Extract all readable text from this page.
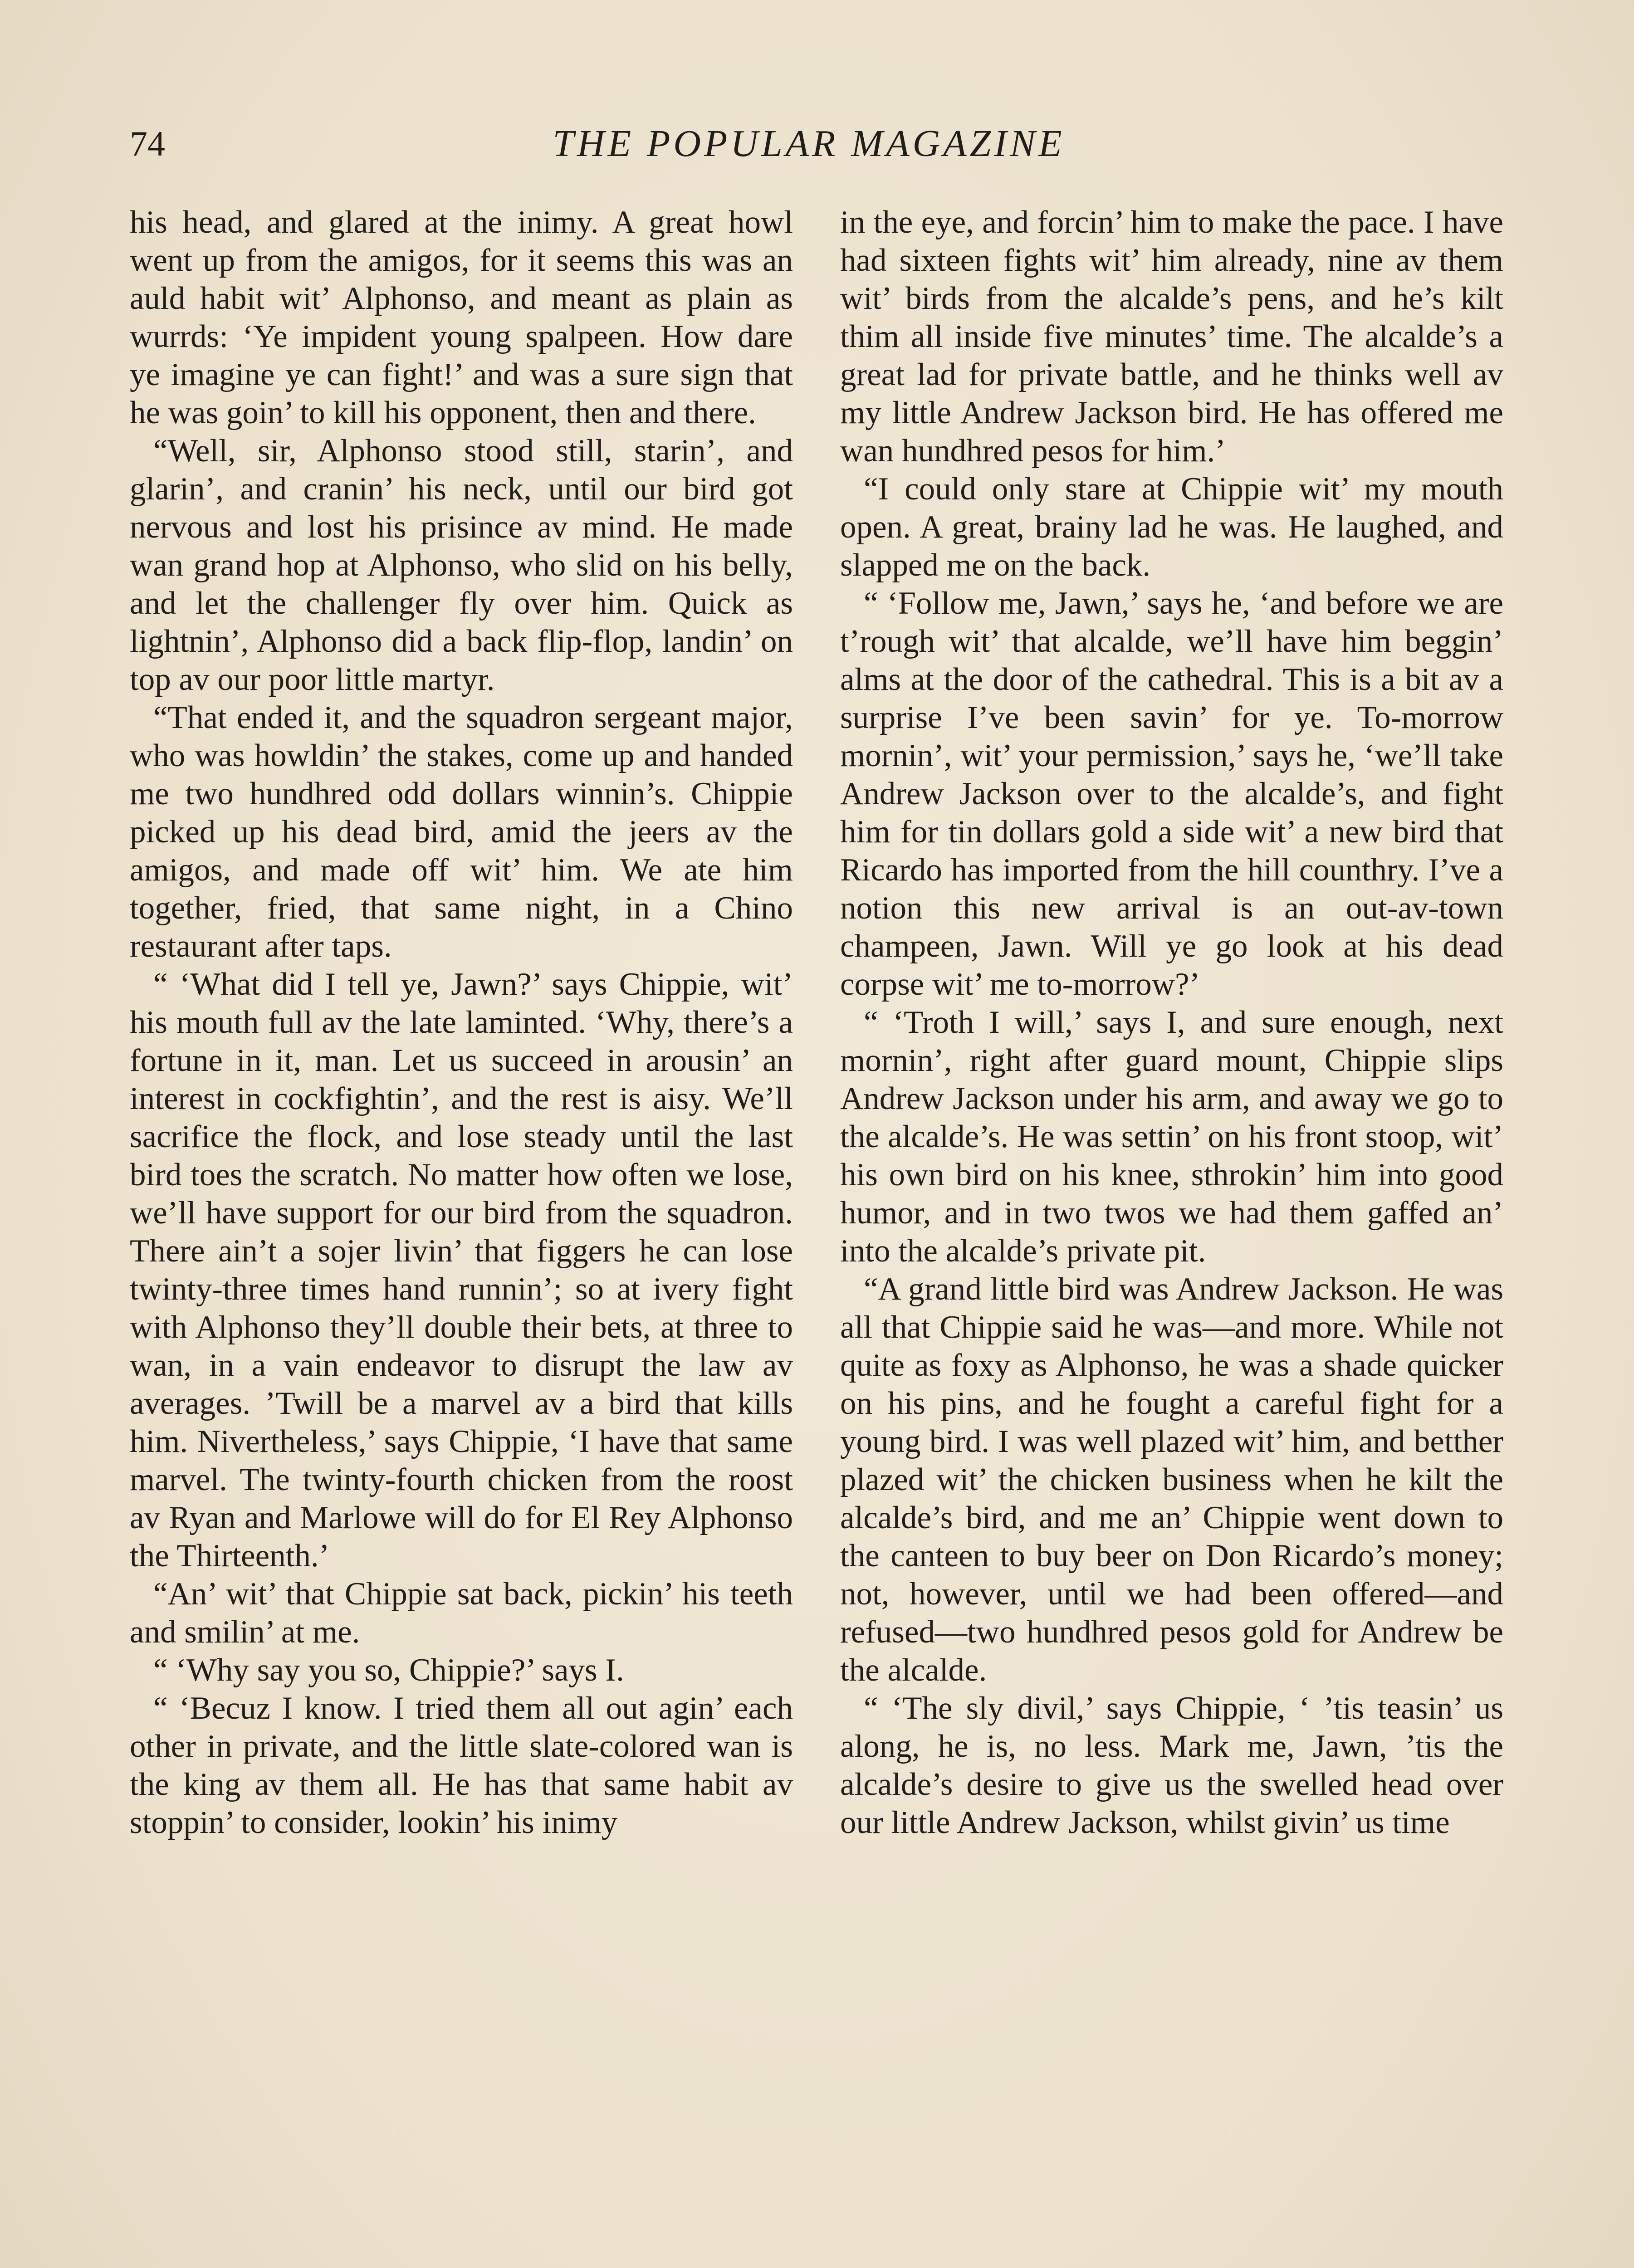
74	THE POPULAR MAGAZINE

his head, and glared at the inimy. A great howl went up from the amigos, for it seems this was an auld habit wit’ Alphonso, and meant as plain as wurrds: ‘Ye impident young spalpeen. How dare ye imagine ye can fight!’ and was a sure sign that he was goin’ to kill his opponent, then and there.

“Well, sir, Alphonso stood still, starin’, and glarin’, and cranin’ his neck, until our bird got nervous and lost his prisince av mind. He made wan grand hop at Alphonso, who slid on his belly, and let the challenger fly over him. Quick as lightnin’, Alphonso did a back flip-flop, landin’ on top av our poor little martyr.

“That ended it, and the squadron sergeant major, who was howldin’ the stakes, come up and handed me two hundhred odd dollars winnin’s. Chippie picked up his dead bird, amid the jeers av the amigos, and made off wit’ him. We ate him together, fried, that same night, in a Chino restaurant after taps.

“ ‘What did I tell ye, Jawn?’ says Chippie, wit’ his mouth full av the late laminted. ‘Why, there’s a fortune in it, man. Let us succeed in arousin’ an interest in cockfightin’, and the rest is aisy. We’ll sacrifice the flock, and lose steady until the last bird toes the scratch. No matter how often we lose, we’ll have support for our bird from the squadron. There ain’t a sojer livin’ that figgers he can lose twinty-three times hand runnin’; so at ivery fight with Alphonso they’ll double their bets, at three to wan, in a vain endeavor to disrupt the law av averages. ’Twill be a marvel av a bird that kills him. Nivertheless,’ says Chippie, ‘I have that same marvel. The twinty-fourth chicken from the roost av Ryan and Marlowe will do for El Rey Alphonso the Thirteenth.’

“An’ wit’ that Chippie sat back, pickin’ his teeth and smilin’ at me.

“ ‘Why say you so, Chippie?’ says I.

“ ‘Becuz I know. I tried them all out agin’ each other in private, and the little slate-colored wan is the king av them all. He has that same habit av stoppin’ to consider, lookin’ his inimy

in the eye, and forcin’ him to make the pace. I have had sixteen fights wit’ him already, nine av them wit’ birds from the alcalde’s pens, and he’s kilt thim all inside five minutes’ time. The alcalde’s a great lad for private battle, and he thinks well av my little Andrew Jackson bird. He has offered me wan hundhred pesos for him.’

“I could only stare at Chippie wit’ my mouth open. A great, brainy lad he was. He laughed, and slapped me on the back.

“ ‘Follow me, Jawn,’ says he, ‘and before we are t’rough wit’ that alcalde, we’ll have him beggin’ alms at the door of the cathedral. This is a bit av a surprise I’ve been savin’ for ye. To-morrow mornin’, wit’ your permission,’ says he, ‘we’ll take Andrew Jackson over to the alcalde’s, and fight him for tin dollars gold a side wit’ a new bird that Ricardo has imported from the hill counthry. I’ve a notion this new arrival is an out-av-town champeen, Jawn. Will ye go look at his dead corpse wit’ me to-morrow?’

“ ‘Troth I will,’ says I, and sure enough, next mornin’, right after guard mount, Chippie slips Andrew Jackson under his arm, and away we go to the alcalde’s. He was settin’ on his front stoop, wit’ his own bird on his knee, sthrokin’ him into good humor, and in two twos we had them gaffed an’ into the alcalde’s private pit.

“A grand little bird was Andrew Jackson. He was all that Chippie said he was—and more. While not quite as foxy as Alphonso, he was a shade quicker on his pins, and he fought a careful fight for a young bird. I was well plazed wit’ him, and betther plazed wit’ the chicken business when he kilt the alcalde’s bird, and me an’ Chippie went down to the canteen to buy beer on Don Ricardo’s money; not, however, until we had been offered—and refused—two hundhred pesos gold for Andrew be the alcalde.

“ ‘The sly divil,’ says Chippie, ‘ ’tis teasin’ us along, he is, no less. Mark me, Jawn, ’tis the alcalde’s desire to give us the swelled head over our little Andrew Jackson, whilst givin’ us time
